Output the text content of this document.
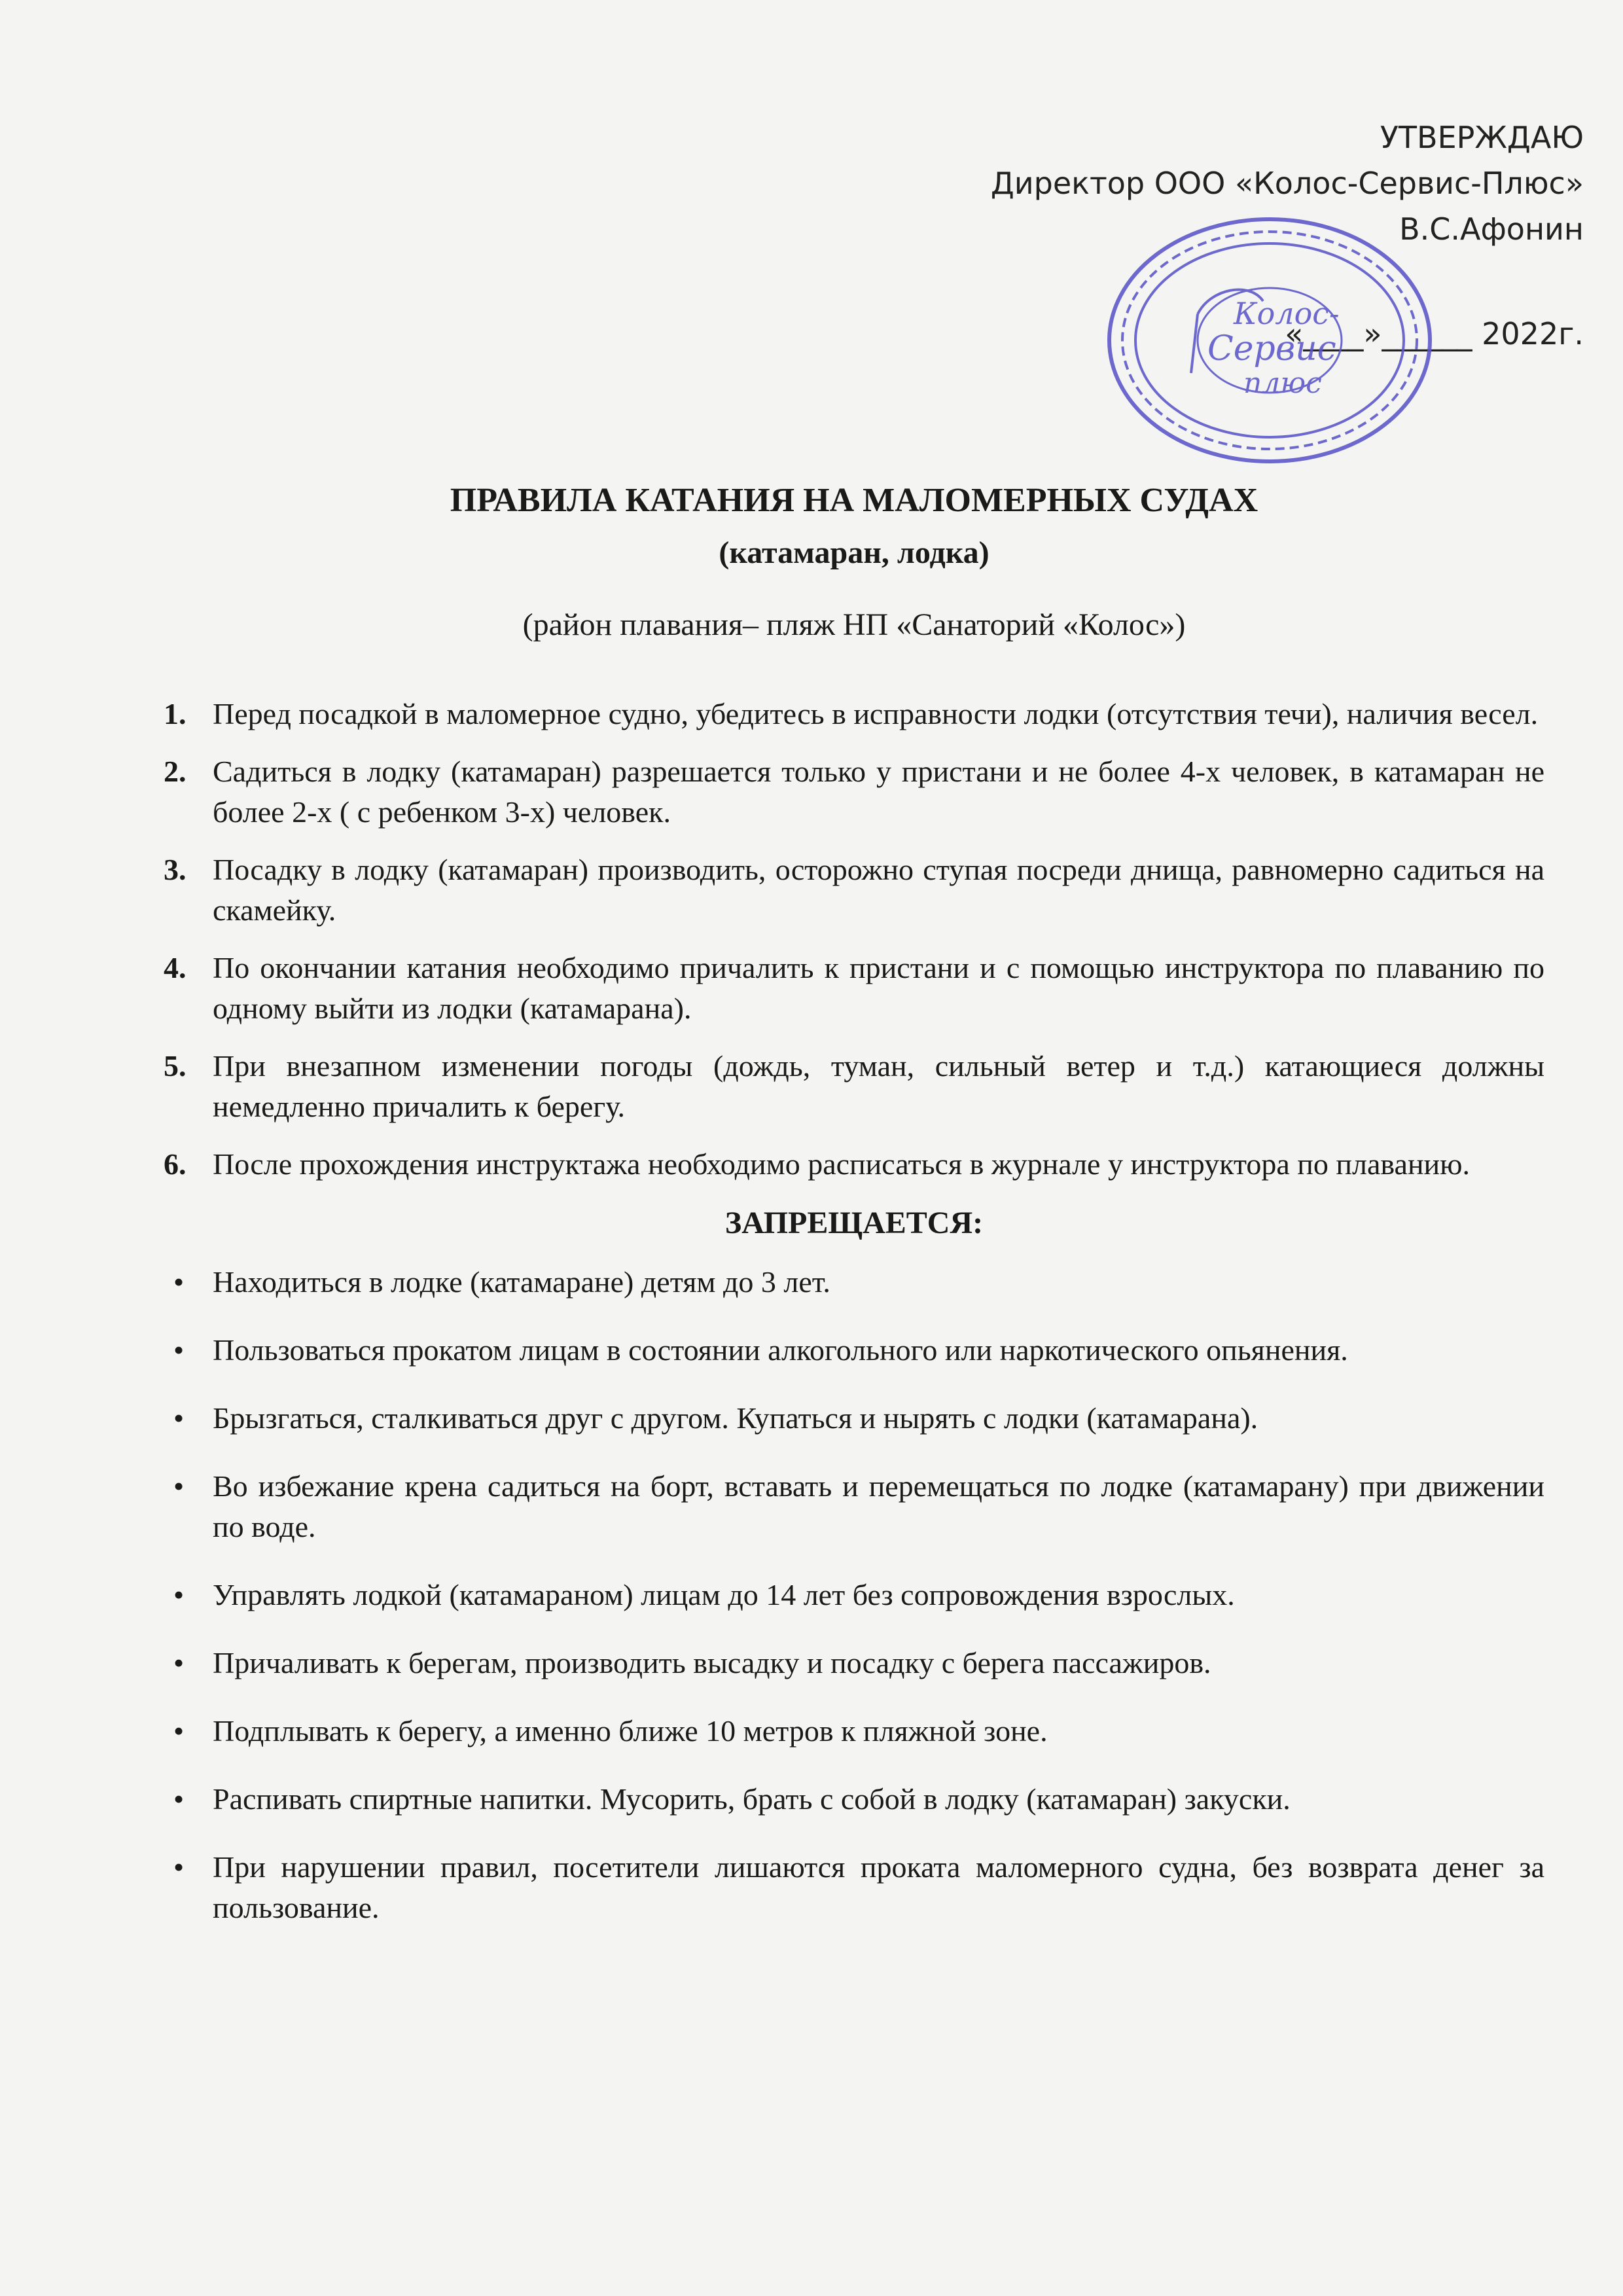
УТВЕРЖДАЮ
Директор ООО «Колос-Сервис-Плюс»
В.С.Афонин
«____»______ 2022г.
Колос-
Сервис
плюс
ПРАВИЛА КАТАНИЯ НА МАЛОМЕРНЫХ СУДАХ
(катамаран, лодка)
(район плавания– пляж НП «Санаторий «Колос»)
1. Перед посадкой в маломерное судно, убедитесь в исправности лодки (отсутствия течи), наличия весел.
2. Садиться в лодку (катамаран) разрешается только у пристани и не более 4-х человек, в катамаран не более 2-х ( с ребенком 3-х) человек.
3. Посадку в лодку (катамаран) производить, осторожно ступая посреди днища, равномерно садиться на скамейку.
4. По окончании катания необходимо причалить к пристани и с помощью инструктора по плаванию по одному выйти из лодки (катамарана).
5. При внезапном изменении погоды (дождь, туман, сильный ветер и т.д.) катающиеся должны немедленно причалить к берегу.
6. После прохождения инструктажа необходимо расписаться в журнале у инструктора по плаванию.
ЗАПРЕЩАЕТСЯ:
• Находиться в лодке (катамаране) детям до 3 лет.
• Пользоваться прокатом лицам в состоянии алкогольного или наркотического опьянения.
• Брызгаться, сталкиваться друг с другом. Купаться и нырять с лодки (катамарана).
• Во избежание крена садиться на борт, вставать и перемещаться по лодке (катамарану) при движении по воде.
• Управлять лодкой (катамараном) лицам до 14 лет без сопровождения взрослых.
• Причаливать к берегам, производить высадку и посадку с берега пассажиров.
• Подплывать к берегу, а именно ближе 10 метров к пляжной зоне.
• Распивать спиртные напитки. Мусорить, брать с собой в лодку (катамаран) закуски.
• При нарушении правил, посетители лишаются проката маломерного судна, без возврата денег за пользование.
